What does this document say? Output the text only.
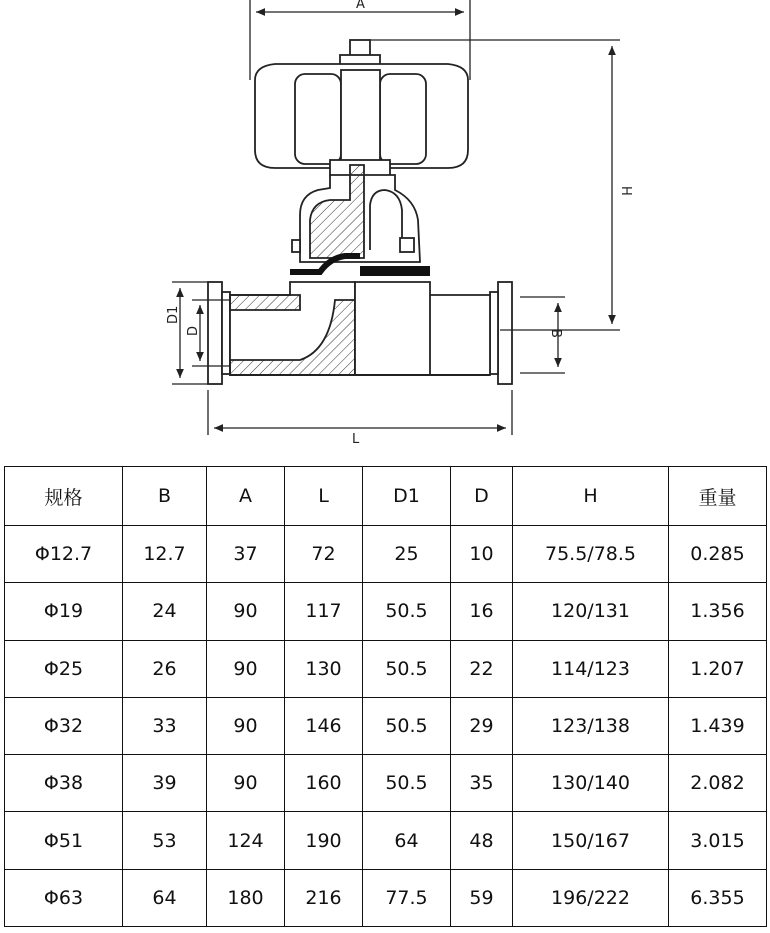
A
H
L
D1
D	B
规格	B	A	L	D1	D	H	重量
Φ12.7	12.7	37	72	25	10	75.5/78.5	0.285
Φ19	24	90	117	50.5	16	120/131	1.356
Φ25	26	90	130	50.5	22	114/123	1.207
Φ32	33	90	146	50.5	29	123/138	1.439
Φ38	39	90	160	50.5	35	130/140	2.082
Φ51	53	124	190	64	48	150/167	3.015
Φ63	64	180	216	77.5	59	196/222	6.355
